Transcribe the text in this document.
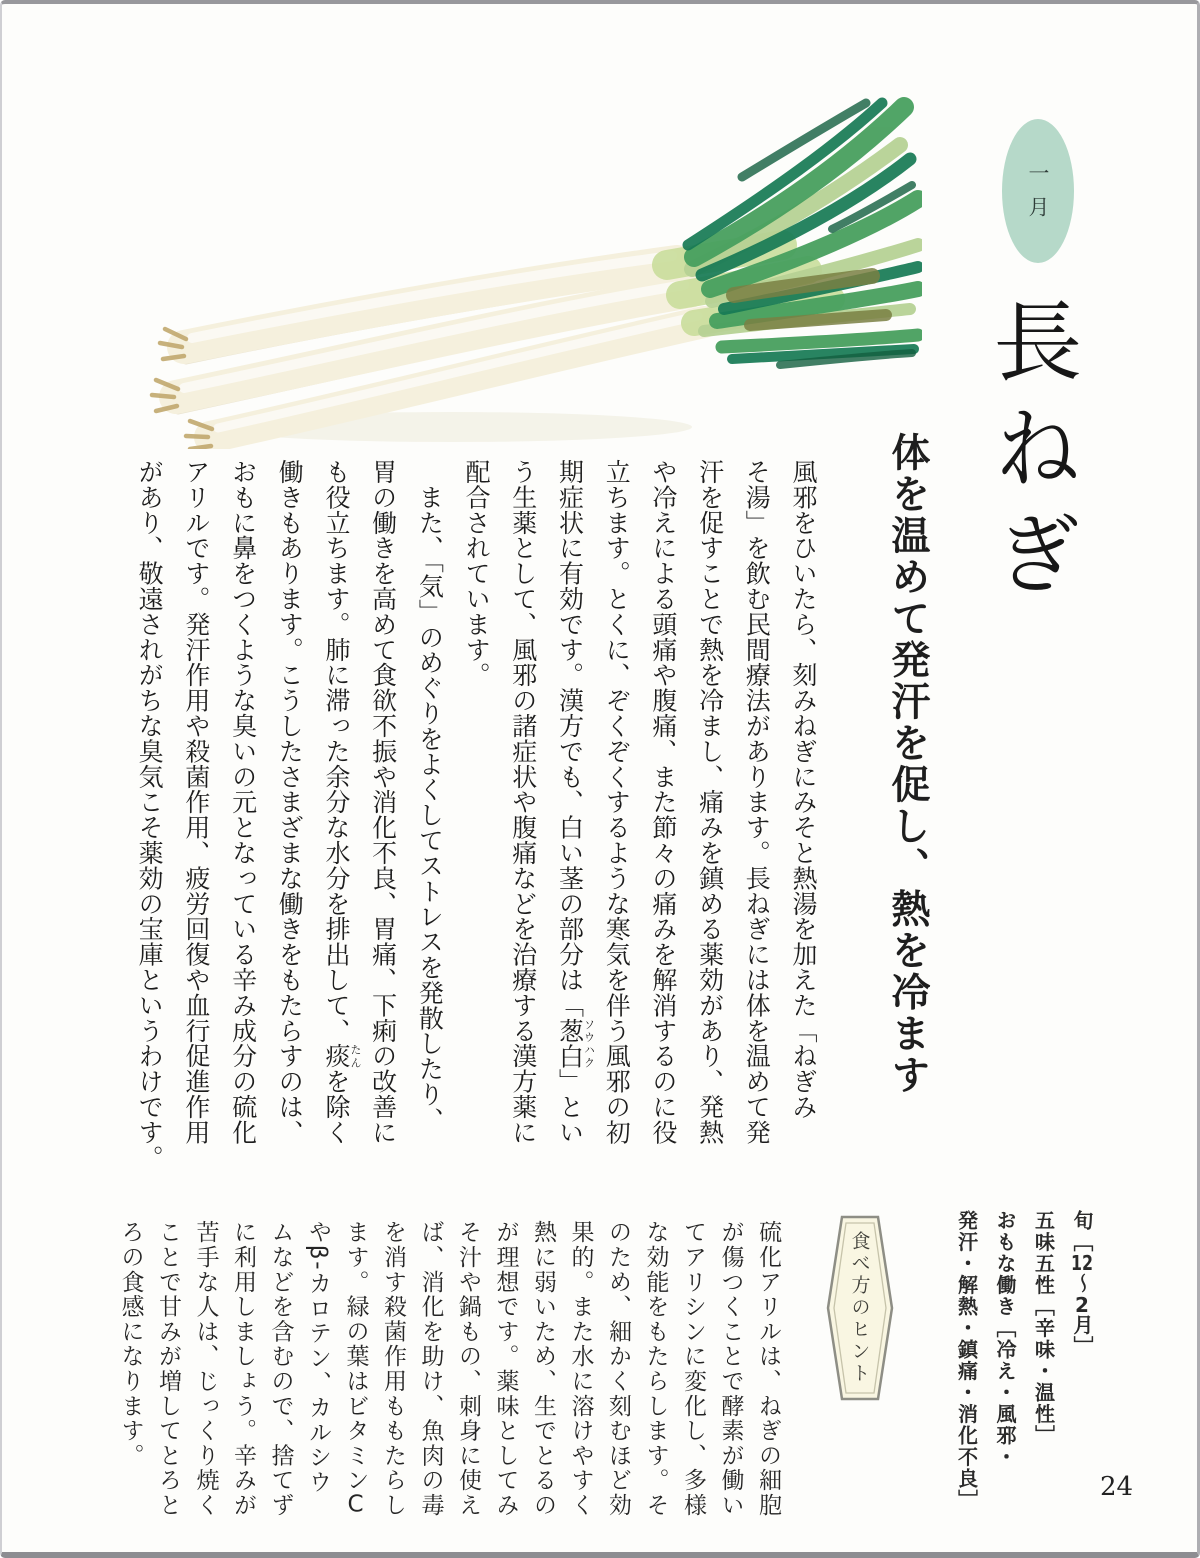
一月
長ねぎ
体を温めて発汗を促し、熱を冷ます
風邪をひいたら、刻みねぎにみそと熱湯を加えた「ねぎみ
そ湯」を飲む民間療法があります。長ねぎには体を温めて発
汗を促すことで熱を冷まし、痛みを鎮める薬効があり、発熱
や冷えによる頭痛や腹痛、また節々の痛みを解消するのに役
立ちます。とくに、ぞくぞくするような寒気を伴う風邪の初
期症状に有効です。漢方でも、白い茎の部分は「葱白ソウハク」とい
う生薬として、風邪の諸症状や腹痛などを治療する漢方薬に
配合されています。
　また、「気」のめぐりをよくしてストレスを発散したり、
胃の働きを高めて食欲不振や消化不良、胃痛、下痢の改善に
も役立ちます。肺に滞った余分な水分を排出して、痰たんを除く
働きもあります。こうしたさまざまな働きをもたらすのは、
おもに鼻をつくような臭いの元となっている辛み成分の硫化
アリルです。発汗作用や殺菌作用、疲労回復や血行促進作用
があり、敬遠されがちな臭気こそ薬効の宝庫というわけです。
旬［12〜2月］
五味五性［辛味・温性］
おもな働き［冷え・風邪・
発汗・解熱・鎮痛・消化不良］
食べ方のヒント
硫化アリルは、ねぎの細胞
が傷つくことで酵素が働い
てアリシンに変化し、多様
な効能をもたらします。そ
のため、細かく刻むほど効
果的。また水に溶けやすく
熱に弱いため、生でとるの
が理想です。薬味としてみ
そ汁や鍋もの、刺身に使え
ば、消化を助け、魚肉の毒
を消す殺菌作用ももたらし
ます。緑の葉はビタミンC
やβ‐カロテン、カルシウ
ムなどを含むので、捨てず
に利用しましょう。辛みが
苦手な人は、じっくり焼く
ことで甘みが増してとろと
ろの食感になります。
24
